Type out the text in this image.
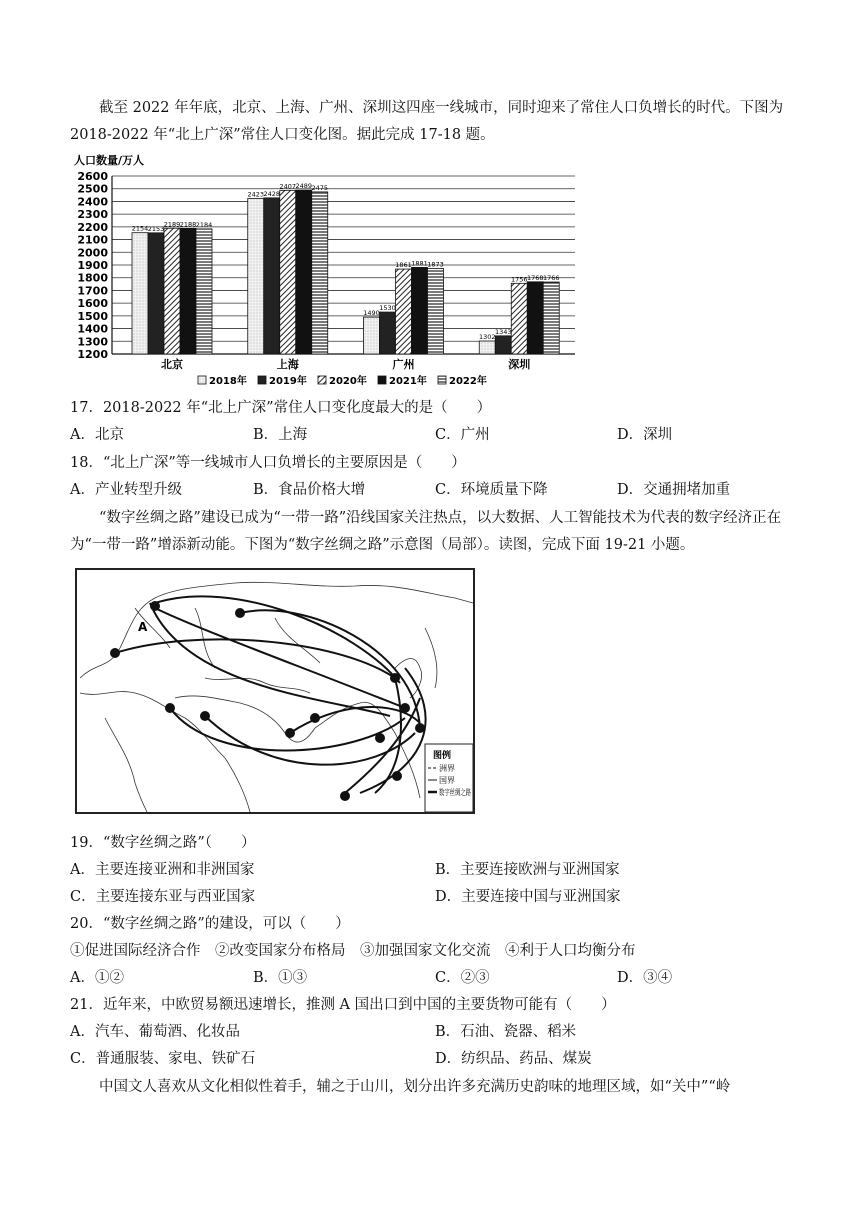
截至 2022 年年底，北京、上海、广州、深圳这四座一线城市，同时迎来了常住人口负增长的时代。下图为 2018-2022 年“北上广深”常住人口变化图。据此完成 17-18 题。
人口数量/万人
1200
1300
1400
1500
1600
1700
1800
1900
2000
2100
2200
2300
2400
2500
2600
2154 2153
2189 2188 2184
北京
2423 2428
2407 2489 2475
上海
1490
1530
1861 1881 1873
广州
1302
1343
1756 1768 1766
深圳
2018年 2019年 2020年 2021年 2022年
17．2018-2022 年“北上广深”常住人口变化度最大的是（　　）
A．北京	B．上海	C．广州	D．深圳
18．“北上广深”等一线城市人口负增长的主要原因是（　　）
A．产业转型升级	B．食品价格大增	C．环境质量下降	D．交通拥堵加重
“数字丝绸之路”建设已成为“一带一路”沿线国家关注热点，以大数据、人工智能技术为代表的数字经济正在为“一带一路”增添新动能。下图为“数字丝绸之路”示意图（局部）。读图，完成下面 19-21 小题。
A
图例
洲界
国界
数字丝绸之路
19．“数字丝绸之路”（　　）
A．主要连接亚洲和非洲国家	B．主要连接欧洲与亚洲国家
C．主要连接东亚与西亚国家	D．主要连接中国与亚洲国家
20．“数字丝绸之路”的建设，可以（　　）
①促进国际经济合作　②改变国家分布格局　③加强国家文化交流　④利于人口均衡分布
A．①②	B．①③	C．②③	D．③④
21．近年来，中欧贸易额迅速增长，推测 A 国出口到中国的主要货物可能有（　　）
A．汽车、葡萄酒、化妆品	B．石油、瓷器、稻米
C．普通服装、家电、铁矿石	D．纺织品、药品、煤炭
中国文人喜欢从文化相似性着手，辅之于山川，划分出许多充满历史韵味的地理区域，如“关中”“岭
